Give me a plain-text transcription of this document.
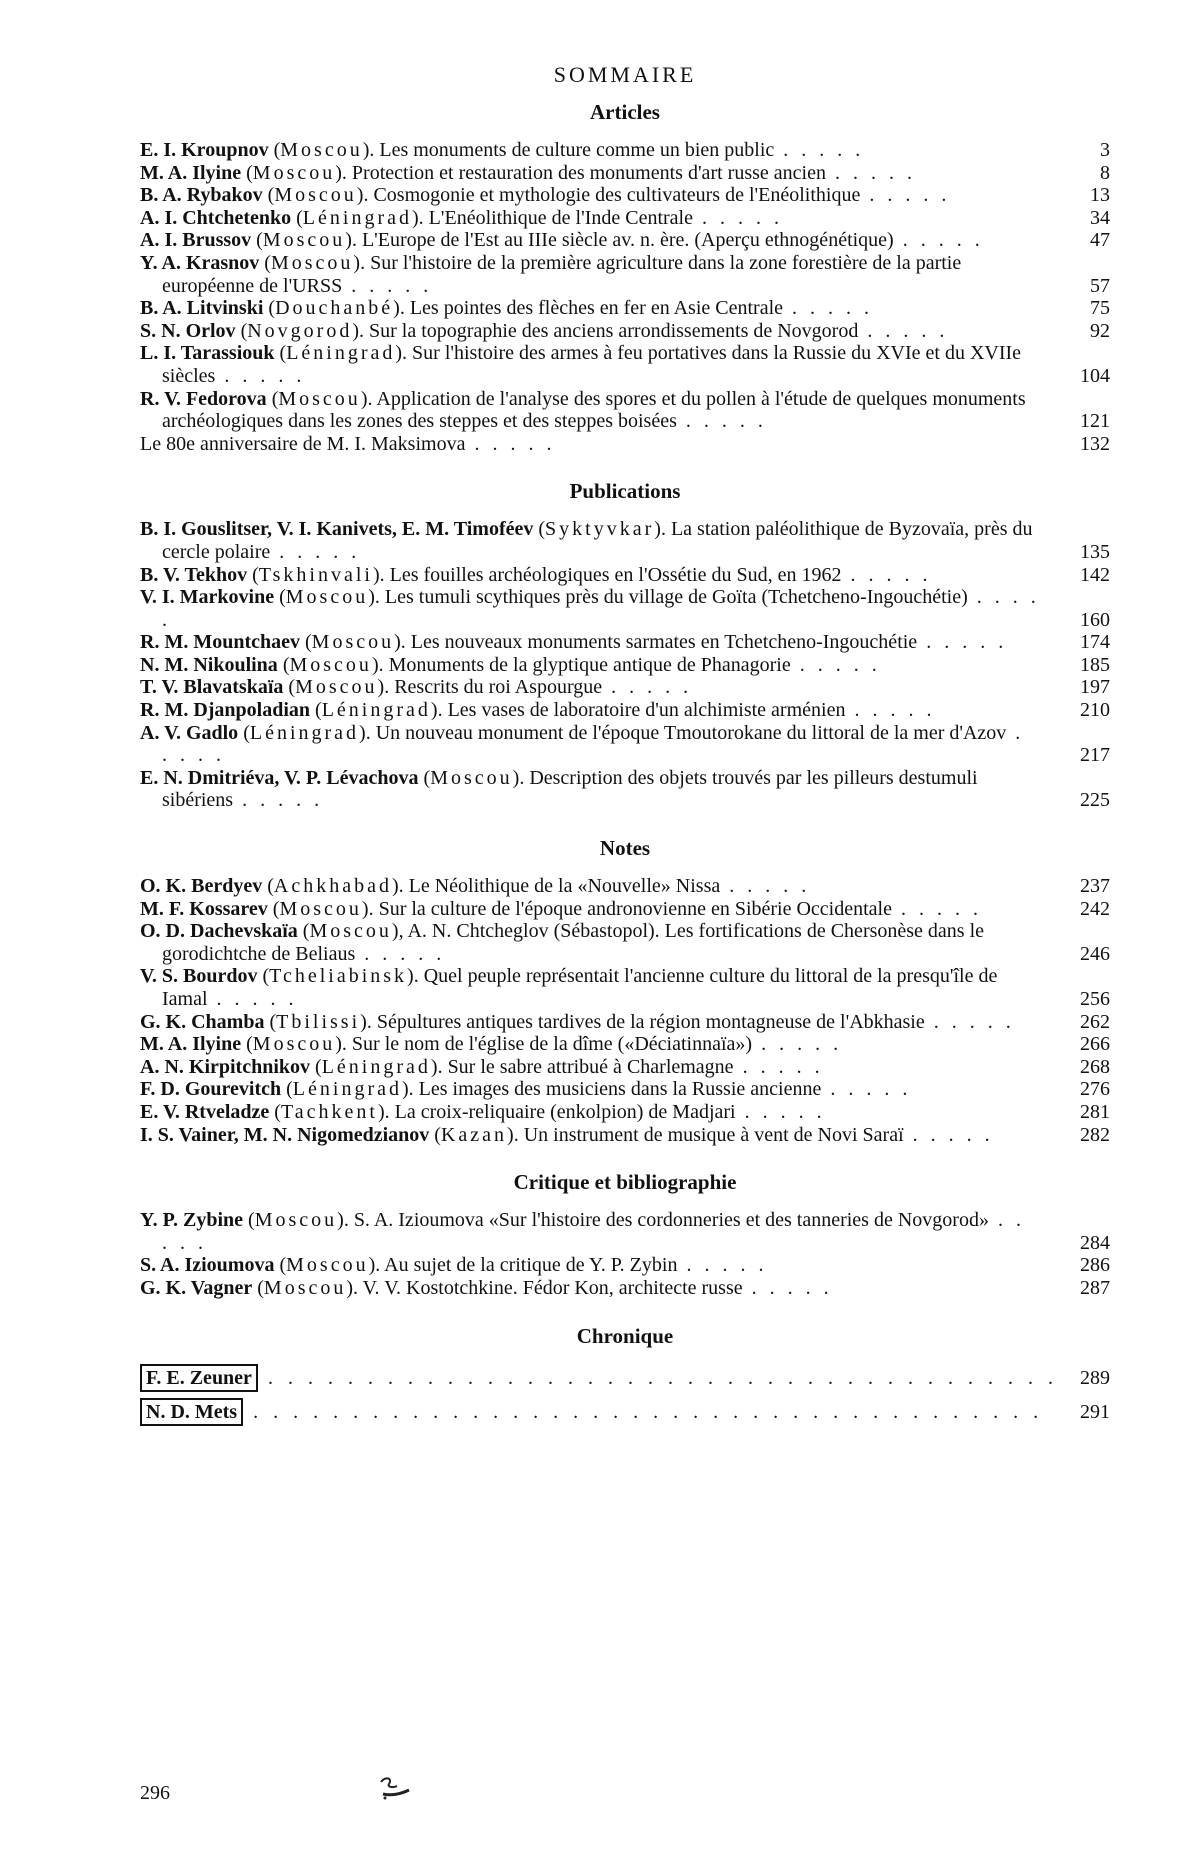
SOMMAIRE
Articles
E. I. Kroupnov (Moscou). Les monuments de culture comme un bien public . . . . .	3
M. A. Ilyine (Moscou). Protection et restauration des monuments d'art russe ancien . . . . .	8
B. A. Rybakov (Moscou). Cosmogonie et mythologie des cultivateurs de l'Enéolithique . . . . .	13
A. I. Chtchetenko (Léningrad). L'Enéolithique de l'Inde Centrale . . . . .	34
A. I. Brussov (Moscou). L'Europe de l'Est au IIIe siècle av. n. ère. (Aperçu ethnogénétique) . . . . .	47
Y. A. Krasnov (Moscou). Sur l'histoire de la première agriculture dans la zone forestière de la partie européenne de l'URSS . . . . .	57
B. A. Litvinski (Douchanbé). Les pointes des flèches en fer en Asie Centrale . . . . .	75
S. N. Orlov (Novgorod). Sur la topographie des anciens arrondissements de Novgorod . . . . .	92
L. I. Tarassiouk (Léningrad). Sur l'histoire des armes à feu portatives dans la Russie du XVIe et du XVIIe siècles . . . . .	104
R. V. Fedorova (Moscou). Application de l'analyse des spores et du pollen à l'étude de quelques monuments archéologiques dans les zones des steppes et des steppes boisées . . . . .	121
Le 80e anniversaire de M. I. Maksimova . . . . .	132
Publications
B. I. Gouslitser, V. I. Kanivets, E. M. Timoféev (Syktyvkar). La station paléolithique de Byzovaïa, près du cercle polaire . . . . .	135
B. V. Tekhov (Tskhinvali). Les fouilles archéologiques en l'Ossétie du Sud, en 1962 . . . . .	142
V. I. Markovine (Moscou). Les tumuli scythiques près du village de Goïta (Tchetcheno-Ingouchétie) . . . . .	160
R. M. Mountchaev (Moscou). Les nouveaux monuments sarmates en Tchetcheno-Ingouchétie . . . . .	174
N. M. Nikoulina (Moscou). Monuments de la glyptique antique de Phanagorie . . . . .	185
T. V. Blavatskaïa (Moscou). Rescrits du roi Aspourgue . . . . .	197
R. M. Djanpoladian (Léningrad). Les vases de laboratoire d'un alchimiste arménien . . . . .	210
A. V. Gadlo (Léningrad). Un nouveau monument de l'époque Tmoutorokane du littoral de la mer d'Azov . . . . .	217
E. N. Dmitriéva, V. P. Lévachova (Moscou). Description des objets trouvés par les pilleurs destumuli sibériens . . . . .	225
Notes
O. K. Berdyev (Achkhabad). Le Néolithique de la «Nouvelle» Nissa . . . . .	237
M. F. Kossarev (Moscou). Sur la culture de l'époque andronovienne en Sibérie Occidentale . . . . .	242
O. D. Dachevskaïa (Moscou), A. N. Chtcheglov (Sébastopol). Les fortifications de Chersonèse dans le gorodichtche de Beliaus . . . . .	246
V. S. Bourdov (Tcheliabinsk). Quel peuple représentait l'ancienne culture du littoral de la presqu'île de Iamal . . . . .	256
G. K. Chamba (Tbilissi). Sépultures antiques tardives de la région montagneuse de l'Abkhasie . . . . .	262
M. A. Ilyine (Moscou). Sur le nom de l'église de la dîme («Déciatinnaïa») . . . . .	266
A. N. Kirpitchnikov (Léningrad). Sur le sabre attribué à Charlemagne . . . . .	268
F. D. Gourevitch (Léningrad). Les images des musiciens dans la Russie ancienne . . . . .	276
E. V. Rtveladze (Tachkent). La croix-reliquaire (enkolpion) de Madjari . . . . .	281
I. S. Vainer, M. N. Nigomedzianov (Kazan). Un instrument de musique à vent de Novi Saraï . . . . .	282
Critique et bibliographie
Y. P. Zybine (Moscou). S. A. Izioumova «Sur l'histoire des cordonneries et des tanneries de Novgorod» . . . . .	284
S. A. Izioumova (Moscou). Au sujet de la critique de Y. P. Zybin . . . . .	286
G. K. Vagner (Moscou). V. V. Kostotchkine. Fédor Kon, architecte russe . . . . .	287
Chronique
F. E. Zeuner . . . . . . . . . . . . . . . . . . . . . . . . . . . . . . . . . . . . . . . . 289
N. D. Mets . . . . . . . . . . . . . . . . . . . . . . . . . . . . . . . . . . . . . . . . 291
296
